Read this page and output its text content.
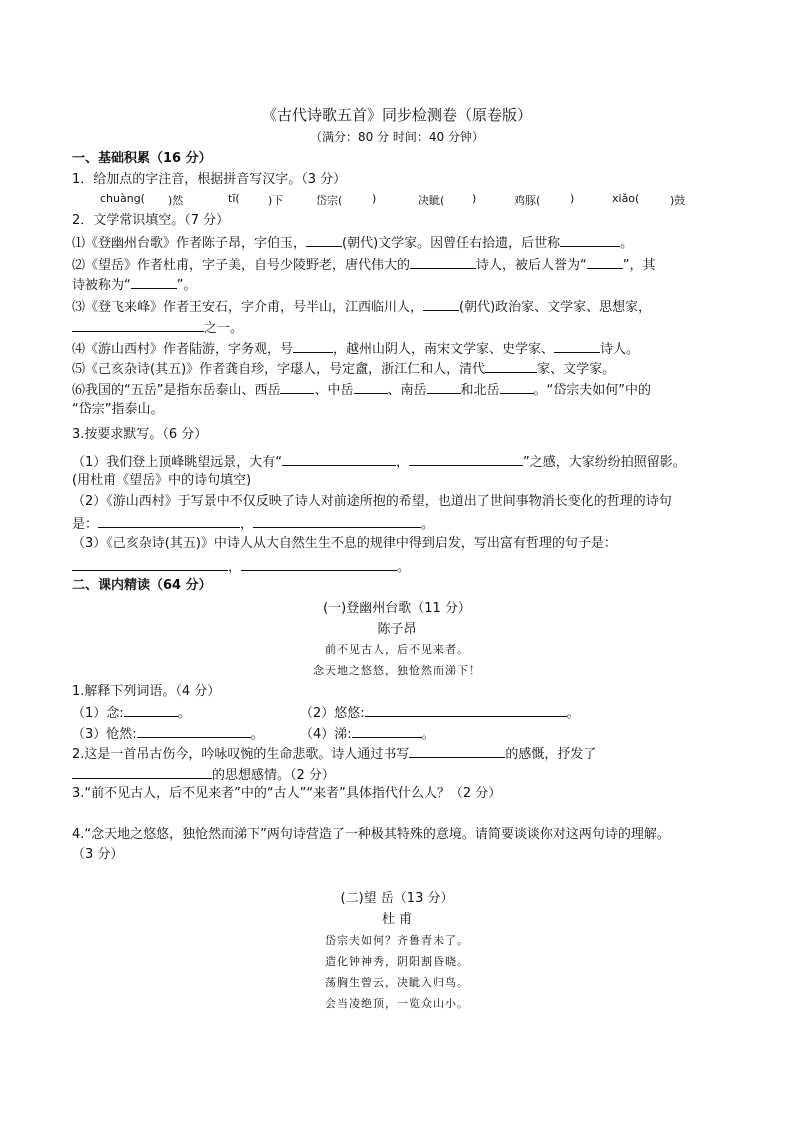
《古代诗歌五首》同步检测卷（原卷版）
（满分：80 分 时间：40 分钟）
一、基础积累（16 分）
1．给加点的字注音，根据拼音写汉字。（3 分）
chuàng( )然	tī(	)下	岱宗(	)	决眦(	)	鸡豚(	)	xiǎo(	)鼓
2．文学常识填空。（7 分）
⑴《登幽州台歌》作者陈子昂，字伯玉，	(朝代)文学家。因曾任右拾遗，后世称	。
⑵《望岳》作者杜甫，字子美，自号少陵野老，唐代伟大的	诗人，被后人誉为“	”，其
诗被称为“	”。
⑶《登飞来峰》作者王安石，字介甫，号半山，江西临川人，	(朝代)政治家、文学家、思想家，
之一。
⑷《游山西村》作者陆游，字务观，号	，越州山阴人，南宋文学家、史学家、	诗人。
⑸《己亥杂诗(其五)》作者龚自珍，字璱人，号定盦，浙江仁和人，清代	家、文学家。
⑹我国的“五岳”是指东岳泰山、西岳	、中岳	、南岳	和北岳	。“岱宗夫如何”中的
“岱宗”指泰山。
3.按要求默写。（6 分）
（1）我们登上顶峰眺望远景，大有“	，	”之感，大家纷纷拍照留影。
(用杜甫《望岳》中的诗句填空)
（2）《游山西村》于写景中不仅反映了诗人对前途所抱的希望，也道出了世间事物消长变化的哲理的诗句
是：	，	。
（3）《己亥杂诗(其五)》中诗人从大自然生生不息的规律中得到启发，写出富有哲理的句子是：
，	。
二、课内精读（64 分）
(一)登幽州台歌（11 分）
陈子昂
前不见古人，后不见来者。
念天地之悠悠，独怆然而涕下！
1.解释下列词语。（4 分）
（1）念:	。	（2）悠悠:	。
（3）怆然:	。	（4）涕:	。
2.这是一首吊古伤今，吟咏叹惋的生命悲歌。诗人通过书写	的感慨，抒发了
的思想感情。（2 分）
3.“前不见古人，后不见来者”中的“古人”“来者”具体指代什么人？（2 分）
4.“念天地之悠悠，独怆然而涕下”两句诗营造了一种极其特殊的意境。请简要谈谈你对这两句诗的理解。
（3 分）
(二)望 岳（13 分）
杜 甫
岱宗夫如何？齐鲁青未了。
造化钟神秀，阴阳割昏晓。
荡胸生曾云，决眦入归鸟。
会当凌绝顶，一览众山小。
